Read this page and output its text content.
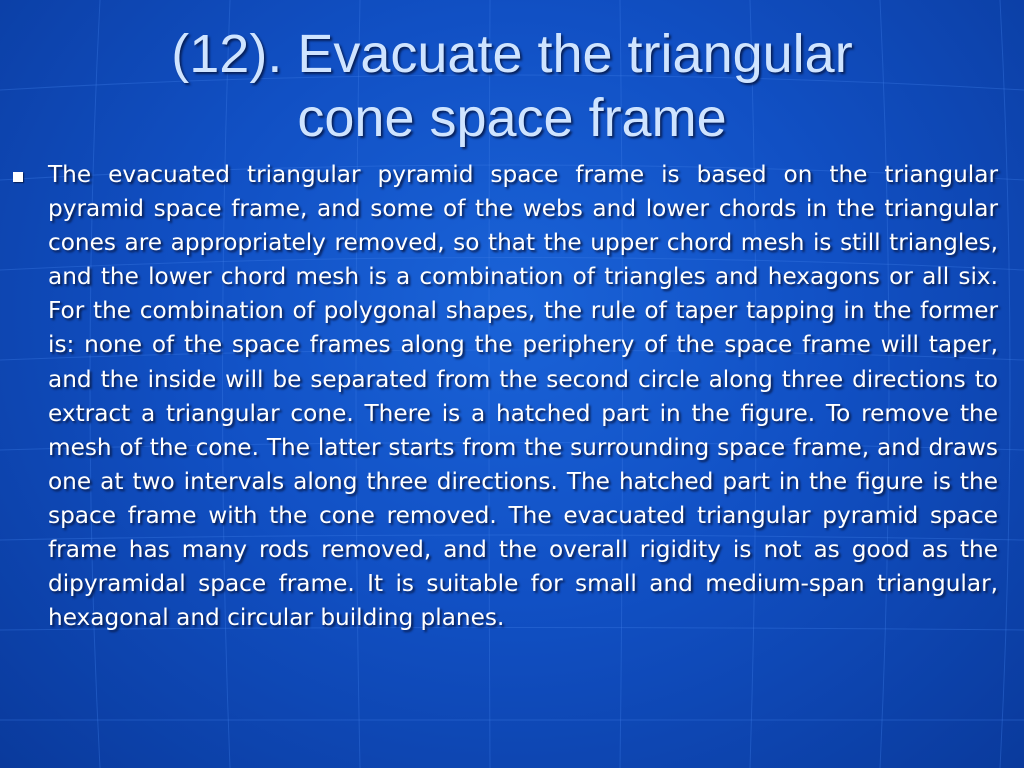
(12). Evacuate the triangular
cone space frame

The evacuated triangular pyramid space frame is based on the triangular pyramid space frame, and some of the webs and lower chords in the triangular cones are appropriately removed, so that the upper chord mesh is still triangles, and the lower chord mesh is a combination of triangles and hexagons or all six. For the combination of polygonal shapes, the rule of taper tapping in the former is: none of the space frames along the periphery of the space frame will taper, and the inside will be separated from the second circle along three directions to extract a triangular cone. There is a hatched part in the figure. To remove the mesh of the cone. The latter starts from the surrounding space frame, and draws one at two intervals along three directions. The hatched part in the figure is the space frame with the cone removed. The evacuated triangular pyramid space frame has many rods removed, and the overall rigidity is not as good as the dipyramidal space frame. It is suitable for small and medium-span triangular, hexagonal and circular building planes.
